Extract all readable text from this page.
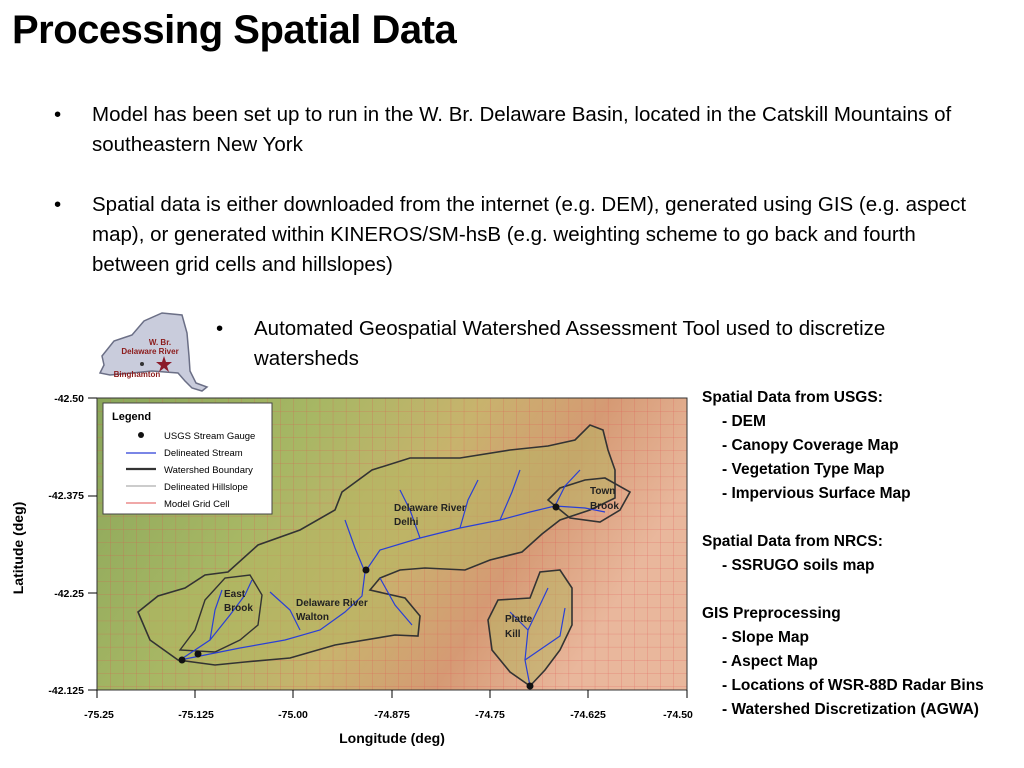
Processing Spatial Data
• Model has been set up to run in the W. Br. Delaware Basin, located in the Catskill Mountains of southeastern New York
• Spatial data is either downloaded from the internet (e.g. DEM), generated using GIS (e.g. aspect map), or generated within KINEROS/SM-hsB (e.g. weighting scheme to go back and fourth between grid cells and hillslopes)
• Automated Geospatial Watershed Assessment Tool used to discretize watersheds
W. Br.
Delaware River
Binghamton
Delaware River
Delhi
Delaware River
Walton
Town
Brook
East
Brook
Platte
Kill
Legend
USGS Stream Gauge
Delineated Stream
Watershed Boundary
Delineated Hillslope
Model Grid Cell
-42.50
-42.375
-42.25
-42.125
-75.25	-75.125	-75.00	-74.875	-74.75	-74.625	-74.50
Longitude (deg)
Latitude (deg)
Spatial Data from USGS:
- DEM
- Canopy Coverage Map
- Vegetation Type Map
- Impervious Surface Map
Spatial Data from NRCS:
- SSRUGO soils map
GIS Preprocessing
- Slope Map
- Aspect Map
- Locations of WSR-88D Radar Bins
- Watershed Discretization (AGWA)
